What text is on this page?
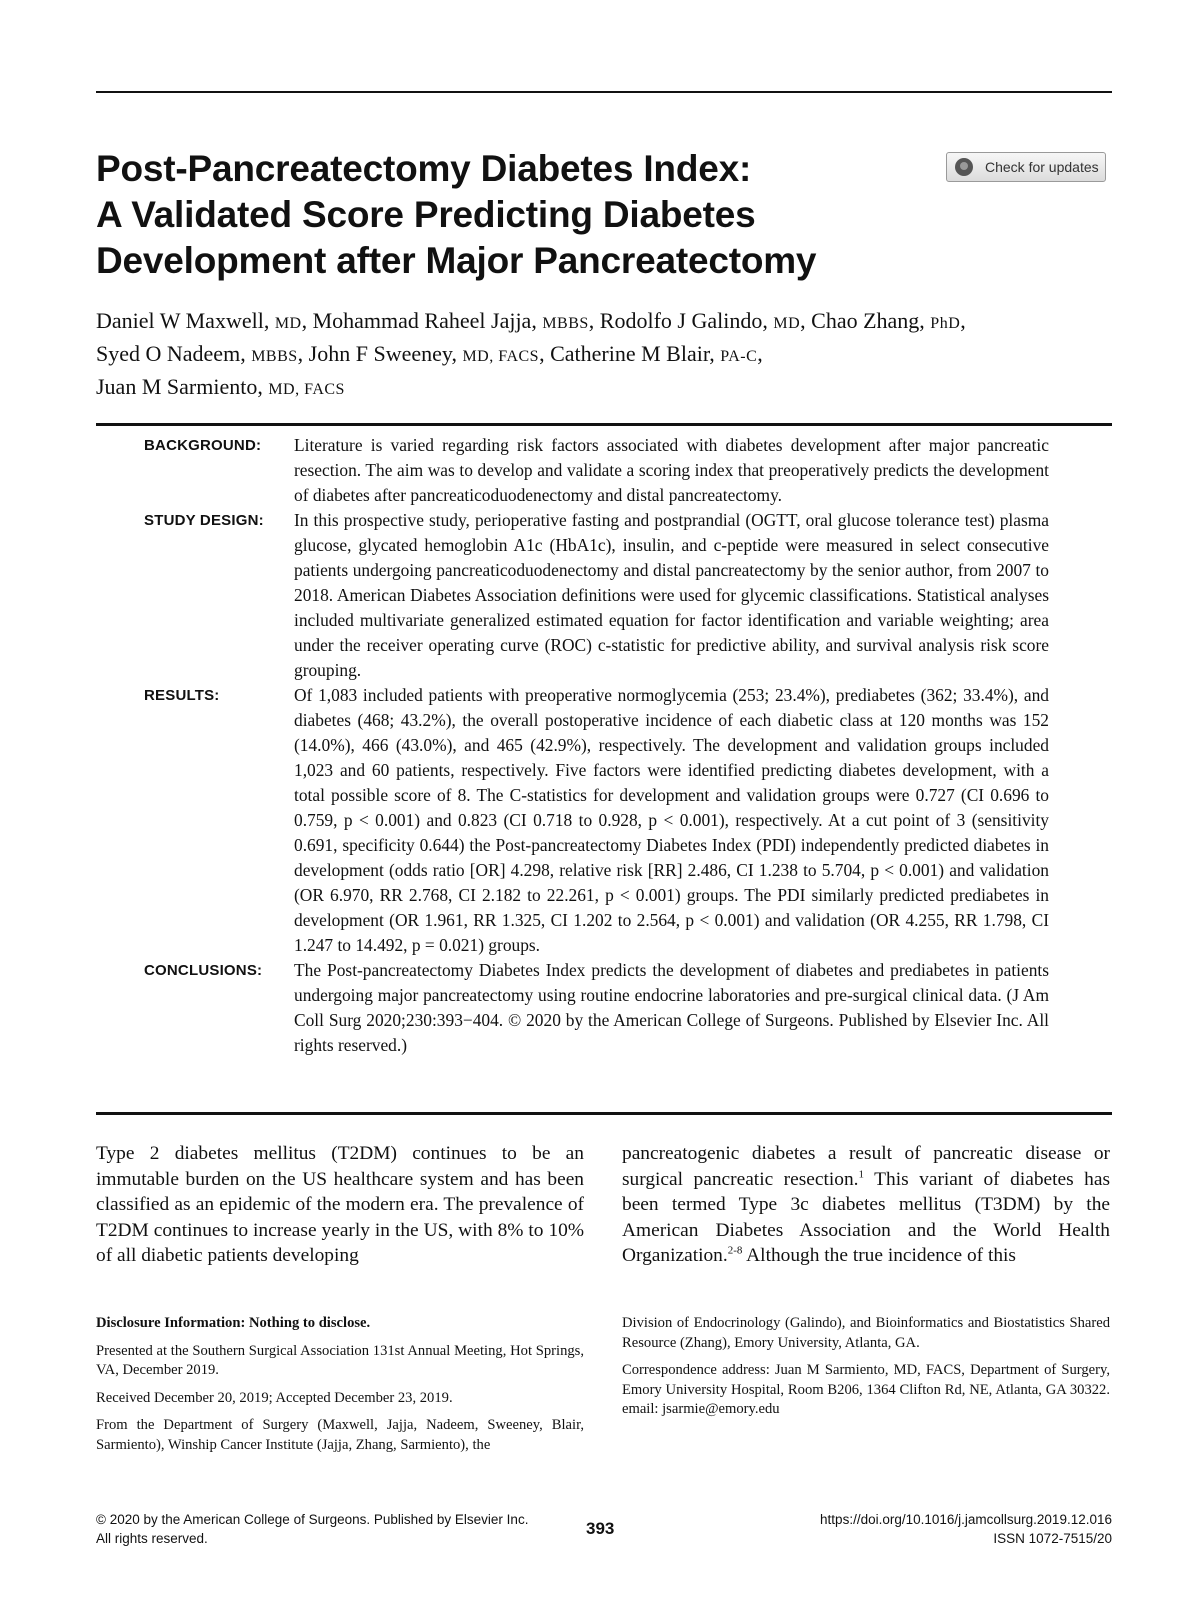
Post-Pancreatectomy Diabetes Index:
A Validated Score Predicting Diabetes
Development after Major Pancreatectomy
Check for updates
Daniel W Maxwell, MD, Mohammad Raheel Jajja, MBBS, Rodolfo J Galindo, MD, Chao Zhang, PhD,
Syed O Nadeem, MBBS, John F Sweeney, MD, FACS, Catherine M Blair, PA-C,
Juan M Sarmiento, MD, FACS
BACKGROUND:	Literature is varied regarding risk factors associated with diabetes development after major pancreatic resection. The aim was to develop and validate a scoring index that preoperatively predicts the development of diabetes after pancreaticoduodenectomy and distal pancreatectomy.
STUDY DESIGN:	In this prospective study, perioperative fasting and postprandial (OGTT, oral glucose tolerance test) plasma glucose, glycated hemoglobin A1c (HbA1c), insulin, and c-peptide were measured in select consecutive patients undergoing pancreaticoduodenectomy and distal pancreatectomy by the senior author, from 2007 to 2018. American Diabetes Association definitions were used for glycemic classifications. Statistical analyses included multivariate generalized estimated equation for factor identification and variable weighting; area under the receiver operating curve (ROC) c-statistic for predictive ability, and survival analysis risk score grouping.
RESULTS:	Of 1,083 included patients with preoperative normoglycemia (253; 23.4%), prediabetes (362; 33.4%), and diabetes (468; 43.2%), the overall postoperative incidence of each diabetic class at 120 months was 152 (14.0%), 466 (43.0%), and 465 (42.9%), respectively. The development and validation groups included 1,023 and 60 patients, respectively. Five factors were identified predicting diabetes development, with a total possible score of 8. The C-statistics for development and validation groups were 0.727 (CI 0.696 to 0.759, p < 0.001) and 0.823 (CI 0.718 to 0.928, p < 0.001), respectively. At a cut point of 3 (sensitivity 0.691, specificity 0.644) the Post-pancreatectomy Diabetes Index (PDI) independently predicted diabetes in development (odds ratio [OR] 4.298, relative risk [RR] 2.486, CI 1.238 to 5.704, p < 0.001) and validation (OR 6.970, RR 2.768, CI 2.182 to 22.261, p < 0.001) groups. The PDI similarly predicted prediabetes in development (OR 1.961, RR 1.325, CI 1.202 to 2.564, p < 0.001) and validation (OR 4.255, RR 1.798, CI 1.247 to 14.492, p = 0.021) groups.
CONCLUSIONS:	The Post-pancreatectomy Diabetes Index predicts the development of diabetes and prediabetes in patients undergoing major pancreatectomy using routine endocrine laboratories and pre-surgical clinical data. (J Am Coll Surg 2020;230:393−404. © 2020 by the American College of Surgeons. Published by Elsevier Inc. All rights reserved.)
Type 2 diabetes mellitus (T2DM) continues to be an immutable burden on the US healthcare system and has been classified as an epidemic of the modern era. The prevalence of T2DM continues to increase yearly in the US, with 8% to 10% of all diabetic patients developing
pancreatogenic diabetes a result of pancreatic disease or surgical pancreatic resection.$^1$ This variant of diabetes has been termed Type 3c diabetes mellitus (T3DM) by the American Diabetes Association and the World Health Organization.$^{2-8}$ Although the true incidence of this

Disclosure Information: Nothing to disclose.

Presented at the Southern Surgical Association 131st Annual Meeting, Hot Springs, VA, December 2019.

Received December 20, 2019; Accepted December 23, 2019.

From the Department of Surgery (Maxwell, Jajja, Nadeem, Sweeney, Blair, Sarmiento), Winship Cancer Institute (Jajja, Zhang, Sarmiento), the

Division of Endocrinology (Galindo), and Bioinformatics and Biostatistics Shared Resource (Zhang), Emory University, Atlanta, GA.

Correspondence address: Juan M Sarmiento, MD, FACS, Department of Surgery, Emory University Hospital, Room B206, 1364 Clifton Rd, NE, Atlanta, GA 30322. email: jsarmie@emory.edu

© 2020 by the American College of Surgeons. Published by Elsevier Inc.
All rights reserved.
393	https://doi.org/10.1016/j.jamcollsurg.2019.12.016
ISSN 1072-7515/20
